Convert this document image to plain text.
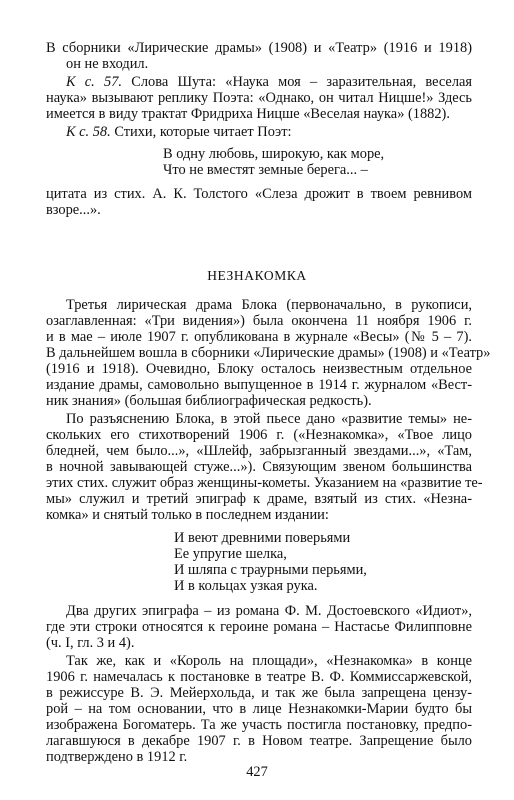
В сборники «Лирические драмы» (1908) и «Театр» (1916 и 1918)
он не входил.
К с. 57. Слова Шута: «Наука моя – заразительная, веселая
наука» вызывают реплику Поэта: «Однако, он читал Ницше!» Здесь
имеется в виду трактат Фридриха Ницше «Веселая наука» (1882).
К с. 58. Стихи, которые читает Поэт:
В одну любовь, широкую, как море,
Что не вместят земные берега... –
цитата из стих. А. К. Толстого «Слеза дрожит в твоем ревнивом
взоре...».
НЕЗНАКОМКА
Третья лирическая драма Блока (первоначально, в рукописи,
озаглавленная: «Три видения») была окончена 11 ноября 1906 г.
и в мае – июле 1907 г. опубликована в журнале «Весы» (№ 5 – 7).
В дальнейшем вошла в сборники «Лирические драмы» (1908) и «Театр»
(1916 и 1918). Очевидно, Блоку осталось неизвестным отдельное
издание драмы, самовольно выпущенное в 1914 г. журналом «Вест-
ник знания» (большая библиографическая редкость).
По разъяснению Блока, в этой пьесе дано «развитие темы» не-
скольких его стихотворений 1906 г. («Незнакомка», «Твое лицо
бледней, чем было...», «Шлейф, забрызганный звездами...», «Там,
в ночной завывающей стуже...»). Связующим звеном большинства
этих стих. служит образ женщины-кометы. Указанием на «развитие те-
мы» служил и третий эпиграф к драме, взятый из стих. «Незна-
комка» и снятый только в последнем издании:
И веют древними поверьями
Ее упругие шелка,
И шляпа с траурными перьями,
И в кольцах узкая рука.
Два других эпиграфа – из романа Ф. М. Достоевского «Идиот»,
где эти строки относятся к героине романа – Настасье Филипповне
(ч. I, гл. 3 и 4).
Так же, как и «Король на площади», «Незнакомка» в конце
1906 г. намечалась к постановке в театре В. Ф. Коммиссаржевской,
в режиссуре В. Э. Мейерхольда, и так же была запрещена цензу-
рой – на том основании, что в лице Незнакомки-Марии будто бы
изображена Богоматерь. Та же участь постигла постановку, предпо-
лагавшуюся в декабре 1907 г. в Новом театре. Запрещение было
подтверждено в 1912 г.
427
